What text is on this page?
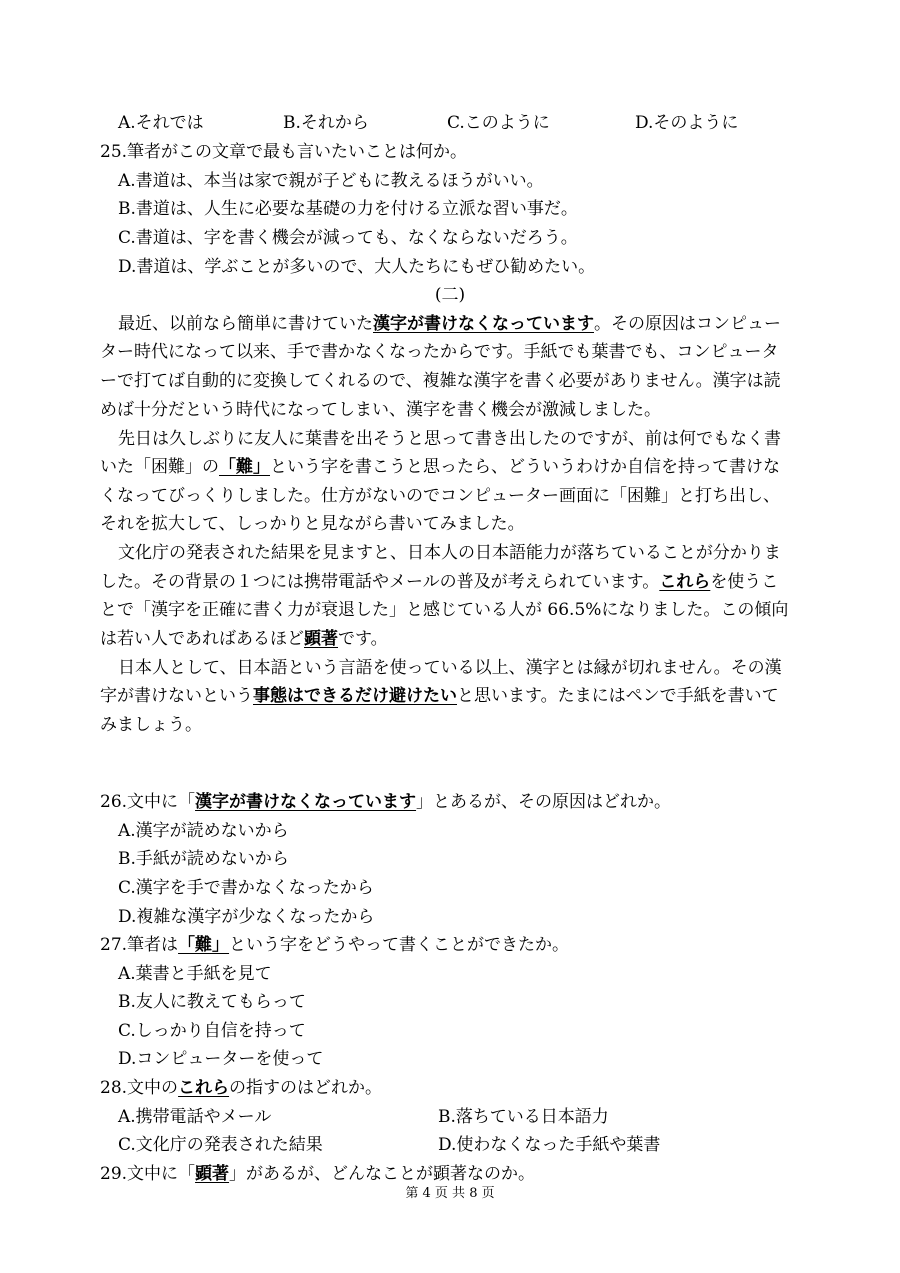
A.それでは	B.それから	C.このように	D.そのように
25.筆者がこの文章で最も言いたいことは何か。
A.書道は、本当は家で親が子どもに教えるほうがいい。
B.書道は、人生に必要な基礎の力を付ける立派な習い事だ。
C.書道は、字を書く機会が減っても、なくならないだろう。
D.書道は、学ぶことが多いので、大人たちにもぜひ勧めたい。
(二)
最近、以前なら簡単に書けていた漢字が書けなくなっています。その原因はコンピュー
ター時代になって以来、手で書かなくなったからです。手紙でも葉書でも、コンピュータ
ーで打てば自動的に変換してくれるので、複雑な漢字を書く必要がありません。漢字は読
めば十分だという時代になってしまい、漢字を書く機会が激減しました。
先日は久しぶりに友人に葉書を出そうと思って書き出したのですが、前は何でもなく書
いた「困難」の「難」という字を書こうと思ったら、どういうわけか自信を持って書けな
くなってびっくりしました。仕方がないのでコンピューター画面に「困難」と打ち出し、
それを拡大して、しっかりと見ながら書いてみました。
文化庁の発表された結果を見ますと、日本人の日本語能力が落ちていることが分かりま
した。その背景の１つには携帯電話やメールの普及が考えられています。これらを使うこ
とで「漢字を正確に書く力が衰退した」と感じている人が 66.5%になりました。この傾向
は若い人であればあるほど顕著です。
日本人として、日本語という言語を使っている以上、漢字とは縁が切れません。その漢
字が書けないという事態はできるだけ避けたいと思います。たまにはペンで手紙を書いて
みましょう。
26.文中に「漢字が書けなくなっています」とあるが、その原因はどれか。
A.漢字が読めないから
B.手紙が読めないから
C.漢字を手で書かなくなったから
D.複雑な漢字が少なくなったから
27.筆者は「難」という字をどうやって書くことができたか。
A.葉書と手紙を見て
B.友人に教えてもらって
C.しっかり自信を持って
D.コンピューターを使って
28.文中のこれらの指すのはどれか。
A.携帯電話やメール	B.落ちている日本語力
C.文化庁の発表された結果	D.使わなくなった手紙や葉書
29.文中に「顕著」があるが、どんなことが顕著なのか。
第 4 页 共 8 页
